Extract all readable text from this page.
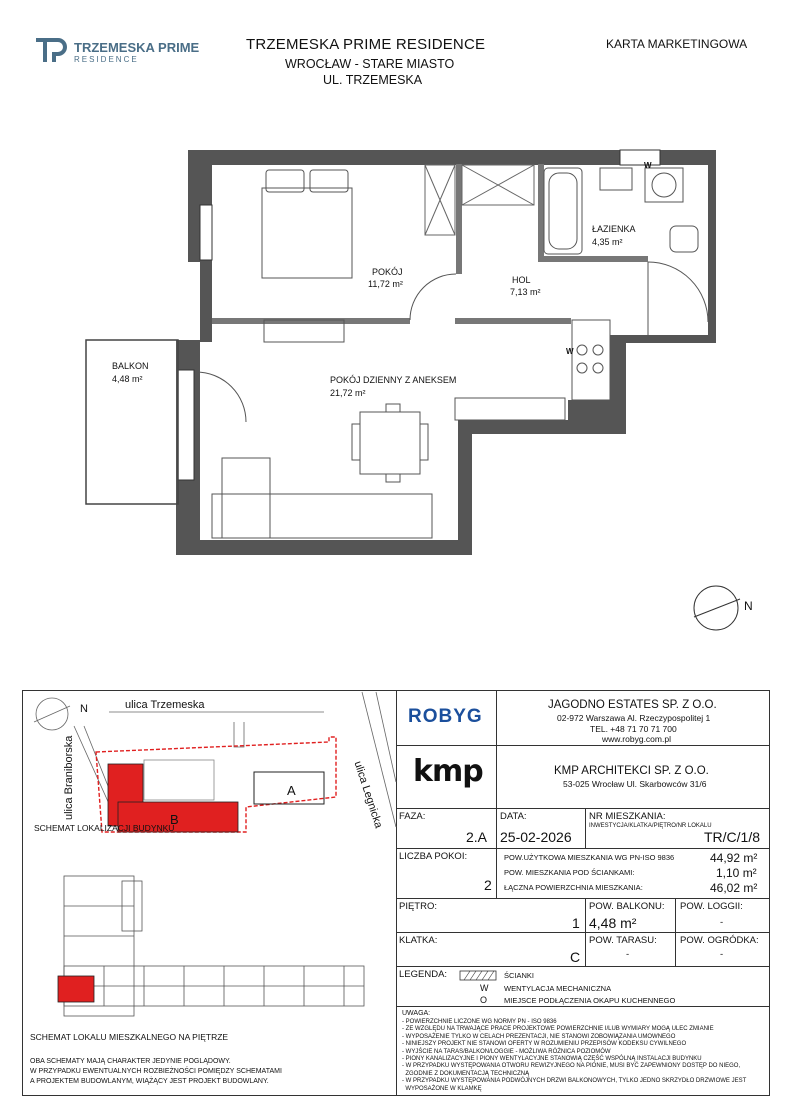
TRZEMESKA PRIME
RESIDENCE
TRZEMESKA PRIME RESIDENCE
WROCŁAW - STARE MIASTO
UL. TRZEMESKA
KARTA MARKETINGOWA
POKÓJ
11,72 m²	HOL
7,13 m²
ŁAZIENKA
4,35 m²
BALKON
4,48 m²	POKÓJ DZIENNY Z ANEKSEM
21,72 m²
W
W
N
ulica Trzemeska
ulica Braniborska	ulica Legnicka
A
B
N
SCHEMAT LOKALIZACJI BUDYNKU
SCHEMAT LOKALU MIESZKALNEGO NA PIĘTRZE
OBA SCHEMATY MAJĄ CHARAKTER JEDYNIE POGLĄDOWY.
W PRZYPADKU EWENTUALNYCH ROZBIEŻNOŚCI POMIĘDZY SCHEMATAMI
A PROJEKTEM BUDOWLANYM, WIĄŻĄCY JEST PROJEKT BUDOWLANY.
ROBYG
JAGODNO ESTATES SP. Z O.O.
02-972 Warszawa Al. Rzeczypospolitej 1
TEL. +48 71 70 71 700
www.robyg.com.pl
kmp	KMP ARCHITEKCI SP. Z O.O.
53-025 Wrocław Ul. Skarbowców 31/6
FAZA:
2.A
DATA:
25-02-2026
NR MIESZKANIA:
INWESTYCJA/KLATKA/PIĘTRO/NR LOKALU
TR/C/1/8
LICZBA POKOI:
2
POW.UŻYTKOWA MIESZKANIA WG PN-ISO 9836	44,92 m²
POW. MIESZKANIA POD ŚCIANKAMI:	1,10 m²
ŁĄCZNA POWIERZCHNIA MIESZKANIA:	46,02 m²
PIĘTRO:
1
POW. BALKONU:
4,48 m²
POW. LOGGII:
-
KLATKA:
C
POW. TARASU:
-
POW. OGRÓDKA:
-
LEGENDA:	ŚCIANKI
W WENTYLACJA MECHANICZNA
O MIEJSCE PODŁĄCZENIA OKAPU KUCHENNEGO
UWAGA:
- POWIERZCHNIE LICZONE WG NORMY PN - ISO 9836
- ZE WZGLĘDU NA TRWAJĄCE PRACE PROJEKTOWE POWIERZCHNIE I/LUB WYMIARY MOGĄ ULEC ZMIANIE
- WYPOSAŻENIE TYLKO W CELACH PREZENTACJI, NIE STANOWI ZOBOWIĄZANIA UMOWNEGO
- NINIEJSZY PROJEKT NIE STANOWI OFERTY W ROZUMIENIU PRZEPISÓW KODEKSU CYWILNEGO
- WYJŚCIE NA TARAS/BALKON/LOGGIE - MOŻLIWA RÓŻNICA POZIOMÓW
- PIONY KANALIZACYJNE I PIONY WENTYLACYJNE STANOWIĄ CZĘŚĆ WSPÓLNĄ INSTALACJI BUDYNKU
- W PRZYPADKU WYSTĘPOWANIA OTWORU REWIZYJNEGO NA PIONIE, MUSI BYĆ ZAPEWNIONY DOSTĘP DO NIEGO,
ZGODNIE Z DOKUMENTACJĄ TECHNICZNĄ
- W PRZYPADKU WYSTĘPOWANIA PODWÓJNYCH DRZWI BALKONOWYCH, TYLKO JEDNO SKRZYDŁO DRZWIOWE JEST
WYPOSAŻONE W KLAMKĘ
